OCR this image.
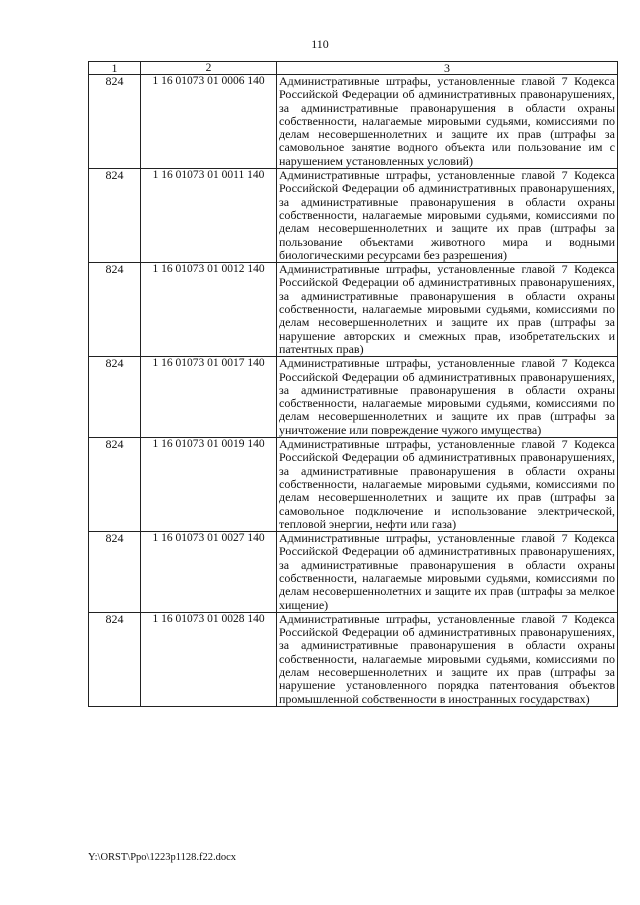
110
1	2	3
824	1 16 01073 01 0006 140	Административные штрафы, установленные главой 7 Кодекса Российской Федерации об административных правонарушениях, за административные правонарушения в области охраны собственности, налагаемые мировыми судьями, комиссиями по делам несовершеннолетних и защите их прав (штрафы за самовольное занятие водного объекта или пользование им с нарушением установленных условий)
824	1 16 01073 01 0011 140	Административные штрафы, установленные главой 7 Кодекса Российской Федерации об административных правонарушениях, за административные правонарушения в области охраны собственности, налагаемые мировыми судьями, комиссиями по делам несовершеннолетних и защите их прав (штрафы за пользование объектами животного мира и водными биологическими ресурсами без разрешения)
824	1 16 01073 01 0012 140	Административные штрафы, установленные главой 7 Кодекса Российской Федерации об административных правонарушениях, за административные правонарушения в области охраны собственности, налагаемые мировыми судьями, комиссиями по делам несовершеннолетних и защите их прав (штрафы за нарушение авторских и смежных прав, изобретательских и патентных прав)
824	1 16 01073 01 0017 140	Административные штрафы, установленные главой 7 Кодекса Российской Федерации об административных правонарушениях, за административные правонарушения в области охраны собственности, налагаемые мировыми судьями, комиссиями по делам несовершеннолетних и защите их прав (штрафы за уничтожение или повреждение чужого имущества)
824	1 16 01073 01 0019 140	Административные штрафы, установленные главой 7 Кодекса Российской Федерации об административных правонарушениях, за административные правонарушения в области охраны собственности, налагаемые мировыми судьями, комиссиями по делам несовершеннолетних и защите их прав (штрафы за самовольное подключение и использование электрической, тепловой энергии, нефти или газа)
824	1 16 01073 01 0027 140	Административные штрафы, установленные главой 7 Кодекса Российской Федерации об административных правонарушениях, за административные правонарушения в области охраны собственности, налагаемые мировыми судьями, комиссиями по делам несовершеннолетних и защите их прав (штрафы за мелкое хищение)
824	1 16 01073 01 0028 140	Административные штрафы, установленные главой 7 Кодекса Российской Федерации об административных правонарушениях, за административные правонарушения в области охраны собственности, налагаемые мировыми судьями, комиссиями по делам несовершеннолетних и защите их прав (штрафы за нарушение установленного порядка патентования объектов промышленной собственности в иностранных государствах)
Y:\ORST\Ppo\1223p1128.f22.docx
